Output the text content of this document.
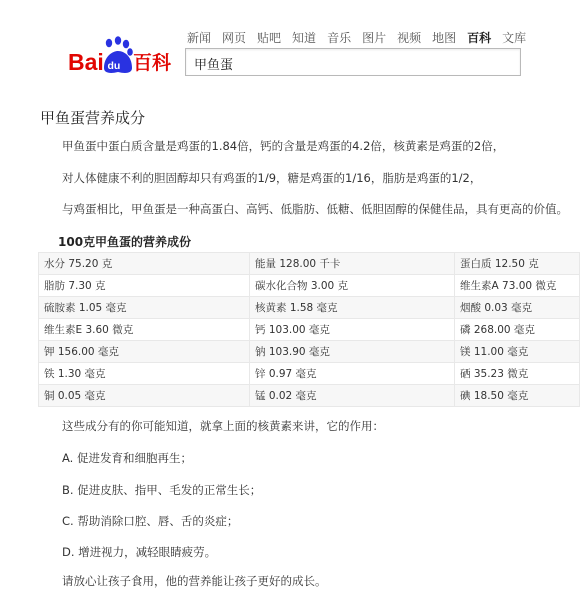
新闻 网页 贴吧 知道 音乐 图片 视频 地图 百科 文库
Bai du 百科	甲鱼蛋
甲鱼蛋营养成分
甲鱼蛋中蛋白质含量是鸡蛋的1.84倍，钙的含量是鸡蛋的4.2倍，核黄素是鸡蛋的2倍，
对人体健康不利的胆固醇却只有鸡蛋的1/9，糖是鸡蛋的1/16，脂肪是鸡蛋的1/2，
与鸡蛋相比，甲鱼蛋是一种高蛋白、高钙、低脂肪、低糖、低胆固醇的保健佳品，具有更高的价值。
100克甲鱼蛋的营养成份
水分 75.20 克	能量 128.00 千卡	蛋白质 12.50 克
脂肪 7.30 克	碳水化合物 3.00 克	维生素A 73.00 微克
硫胺素 1.05 毫克	核黄素 1.58 毫克	烟酸 0.03 毫克
维生素E 3.60 微克	钙 103.00 毫克	磷 268.00 毫克
钾 156.00 毫克	钠 103.90 毫克	镁 11.00 毫克
铁 1.30 毫克	锌 0.97 毫克	硒 35.23 微克
铜 0.05 毫克	锰 0.02 毫克	碘 18.50 毫克
这些成分有的你可能知道，就拿上面的核黄素来讲，它的作用：
A. 促进发育和细胞再生；
B. 促进皮肤、指甲、毛发的正常生长；
C. 帮助消除口腔、唇、舌的炎症；
D. 增进视力，减轻眼睛疲劳。
请放心让孩子食用，他的营养能让孩子更好的成长。
